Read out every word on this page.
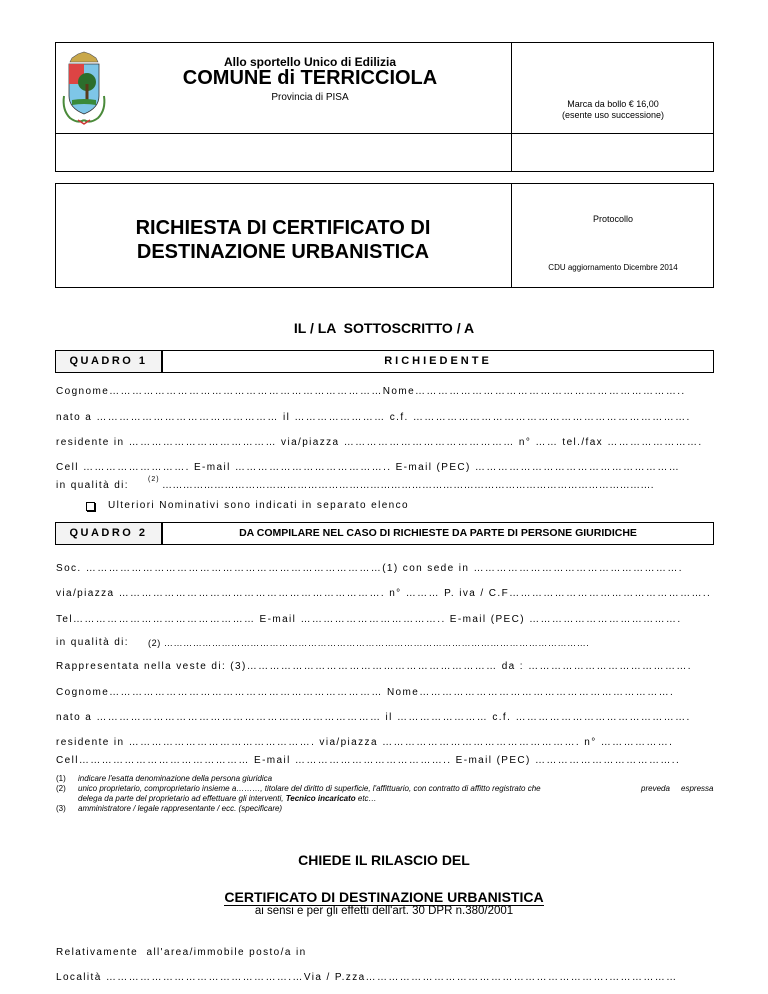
Allo sportello Unico di Edilizia
COMUNE di TERRICCIOLA
Provincia di PISA
Marca da bollo € 16,00
(esente uso successione)
RICHIESTA DI CERTIFICATO DI
DESTINAZIONE URBANISTICA
Protocollo
CDU aggiornamento Dicembre 2014
IL / LA  SOTTOSCRITTO / A
QUADRO 1	RICHIEDENTE
Cognome………………………………………………………………Nome……………………………………………………………..
nato a ………………………………………… il …………………… c.f. ……………………………………………………………….
residente in ………………………………… via/piazza ……………………………………… n° …… tel./fax …………………….
Cell ………………………. E-mail ………………………………….. E-mail (PEC) ………………………………………………
in qualità di:
(2)
…………………………………………………………………………………………………………………………….
Ulteriori Nominativi sono indicati in separato elenco
QUADRO 2	DA COMPILARE NEL CASO DI RICHIESTE DA PARTE DI PERSONE GIURIDICHE
Soc. ……………………………………………………………………(1) con sede in ……………………………………………….
via/piazza ……………………………………………………………. n° ……… P. iva / C.F……………………………………………..
Tel………………………………………… E-mail ……………………………….. E-mail (PEC) ………………………………….
in qualità di: (2) …………………………………………………………………………………………………………………….
Rappresentata nella veste di: (3)………………………………………………………… da : …………………………………….
Cognome……………………………………………………………… Nome………………………………………………………….
nato a ………………………………………………………………… il …………………… c.f. ……………………………………….
residente in …………………………………………. via/piazza ……………………………………………. n° ……………….
Cell……………………………………… E-mail ………………………………….. E-mail (PEC) ………………………………..
(1) indicare l'esatta denominazione della persona giuridica
(2) unico proprietario, comproprietario insieme a………, titolare del diritto di superficie, l'affittuario, con contratto di affitto registrato che	preveda espressa
delega da parte del proprietario ad effettuare gli interventi, Tecnico incaricato etc…
(3) amministratore / legale rappresentante / ecc. (specificare)
CHIEDE IL RILASCIO DEL
CERTIFICATO DI DESTINAZIONE URBANISTICA
ai sensi e per gli effetti dell'art. 30 DPR n.380/2001
Relativamente  all'area/immobile posto/a in
Località ………………………………………….…Via / P.zza……………………………………………………….………………
